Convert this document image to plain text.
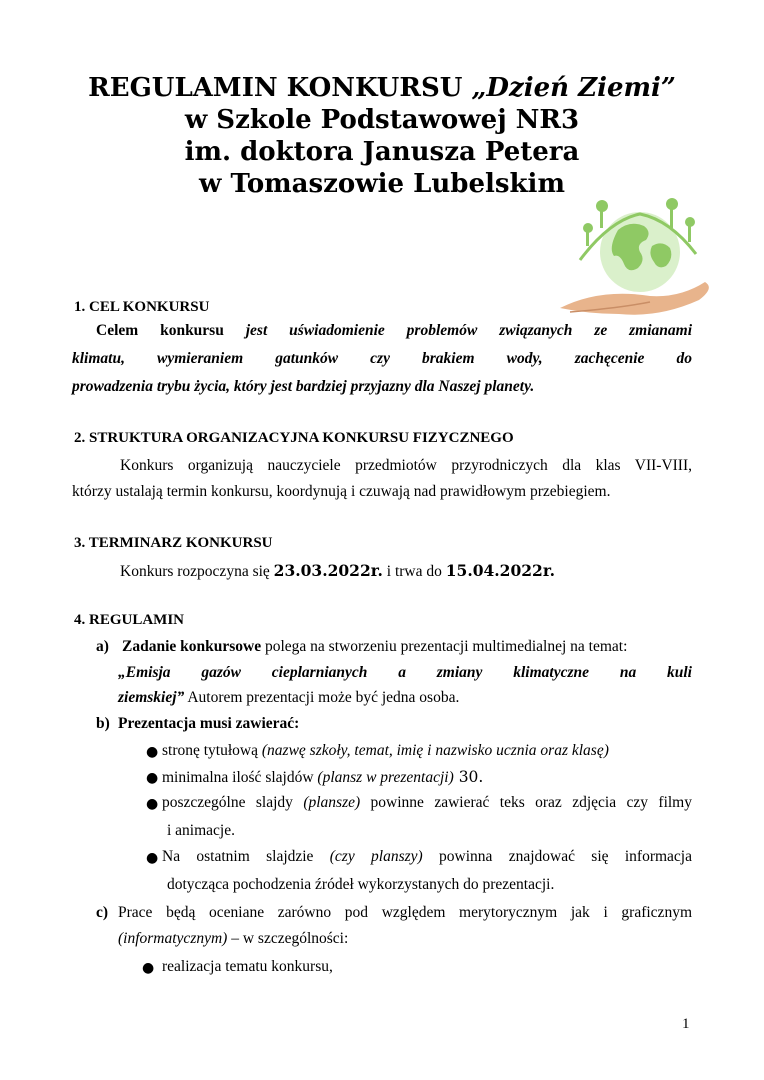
REGULAMIN KONKURSU „Dzień Ziemi”
w Szkole Podstawowej NR3
im. doktora Janusza Petera
w Tomaszowie Lubelskim
1. CEL KONKURSU
Celem konkursu jest uświadomienie problemów związanych ze zmianami
klimatu, wymieraniem gatunków czy brakiem wody, zachęcenie do
prowadzenia trybu życia, który jest bardziej przyjazny dla Naszej planety.
2. STRUKTURA ORGANIZACYJNA KONKURSU FIZYCZNEGO
Konkurs organizują nauczyciele przedmiotów przyrodniczych dla klas VII-VIII,
którzy ustalają termin konkursu, koordynują i czuwają nad prawidłowym przebiegiem.
3. TERMINARZ KONKURSU
Konkurs rozpoczyna się 23.03.2022r. i trwa do 15.04.2022r.
4. REGULAMIN
a) Zadanie konkursowe polega na stworzeniu prezentacji multimedialnej na temat:
„Emisja gazów cieplarnianych a zmiany klimatyczne na kuli
ziemskiej” Autorem prezentacji może być jedna osoba.
b) Prezentacja musi zawierać:
● stronę tytułową (nazwę szkoły, temat, imię i nazwisko ucznia oraz klasę)
● minimalna ilość slajdów (plansz w prezentacji) 30.
● poszczególne slajdy (plansze) powinne zawierać teks oraz zdjęcia czy filmy
i animacje.
● Na ostatnim slajdzie (czy planszy) powinna znajdować się informacja
dotycząca pochodzenia źródeł wykorzystanych do prezentacji.
c) Prace będą oceniane zarówno pod względem merytorycznym jak i graficznym
(informatycznym) – w szczególności:
● realizacja tematu konkursu,
1
